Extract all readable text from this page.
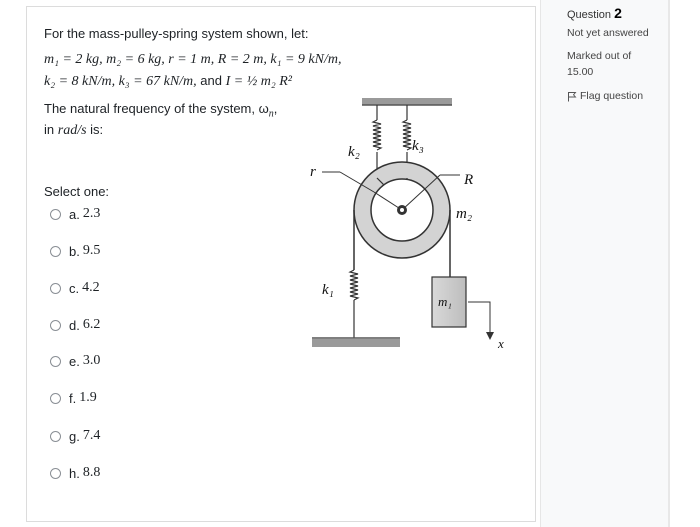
For the mass-pulley-spring system shown, let:
m₁ = 2 kg, m₂ = 6 kg, r = 1 m, R = 2 m, k₁ = 9 kN/m,
k₂ = 8 kN/m, k₃ = 67 kN/m, and I = ½ m₂ R²
The natural frequency of the system, $\omega_n$,
in rad/s is:
Select one:
a. 2.3
b. 9.5
c. 4.2
d. 6.2
e. 3.0
f. 1.9
g. 7.4
h. 8.8
k₂	k₃
r	R
m₂
k₁
m₁
x
Question 2
Not yet answered
Marked out of
15.00
Flag question
